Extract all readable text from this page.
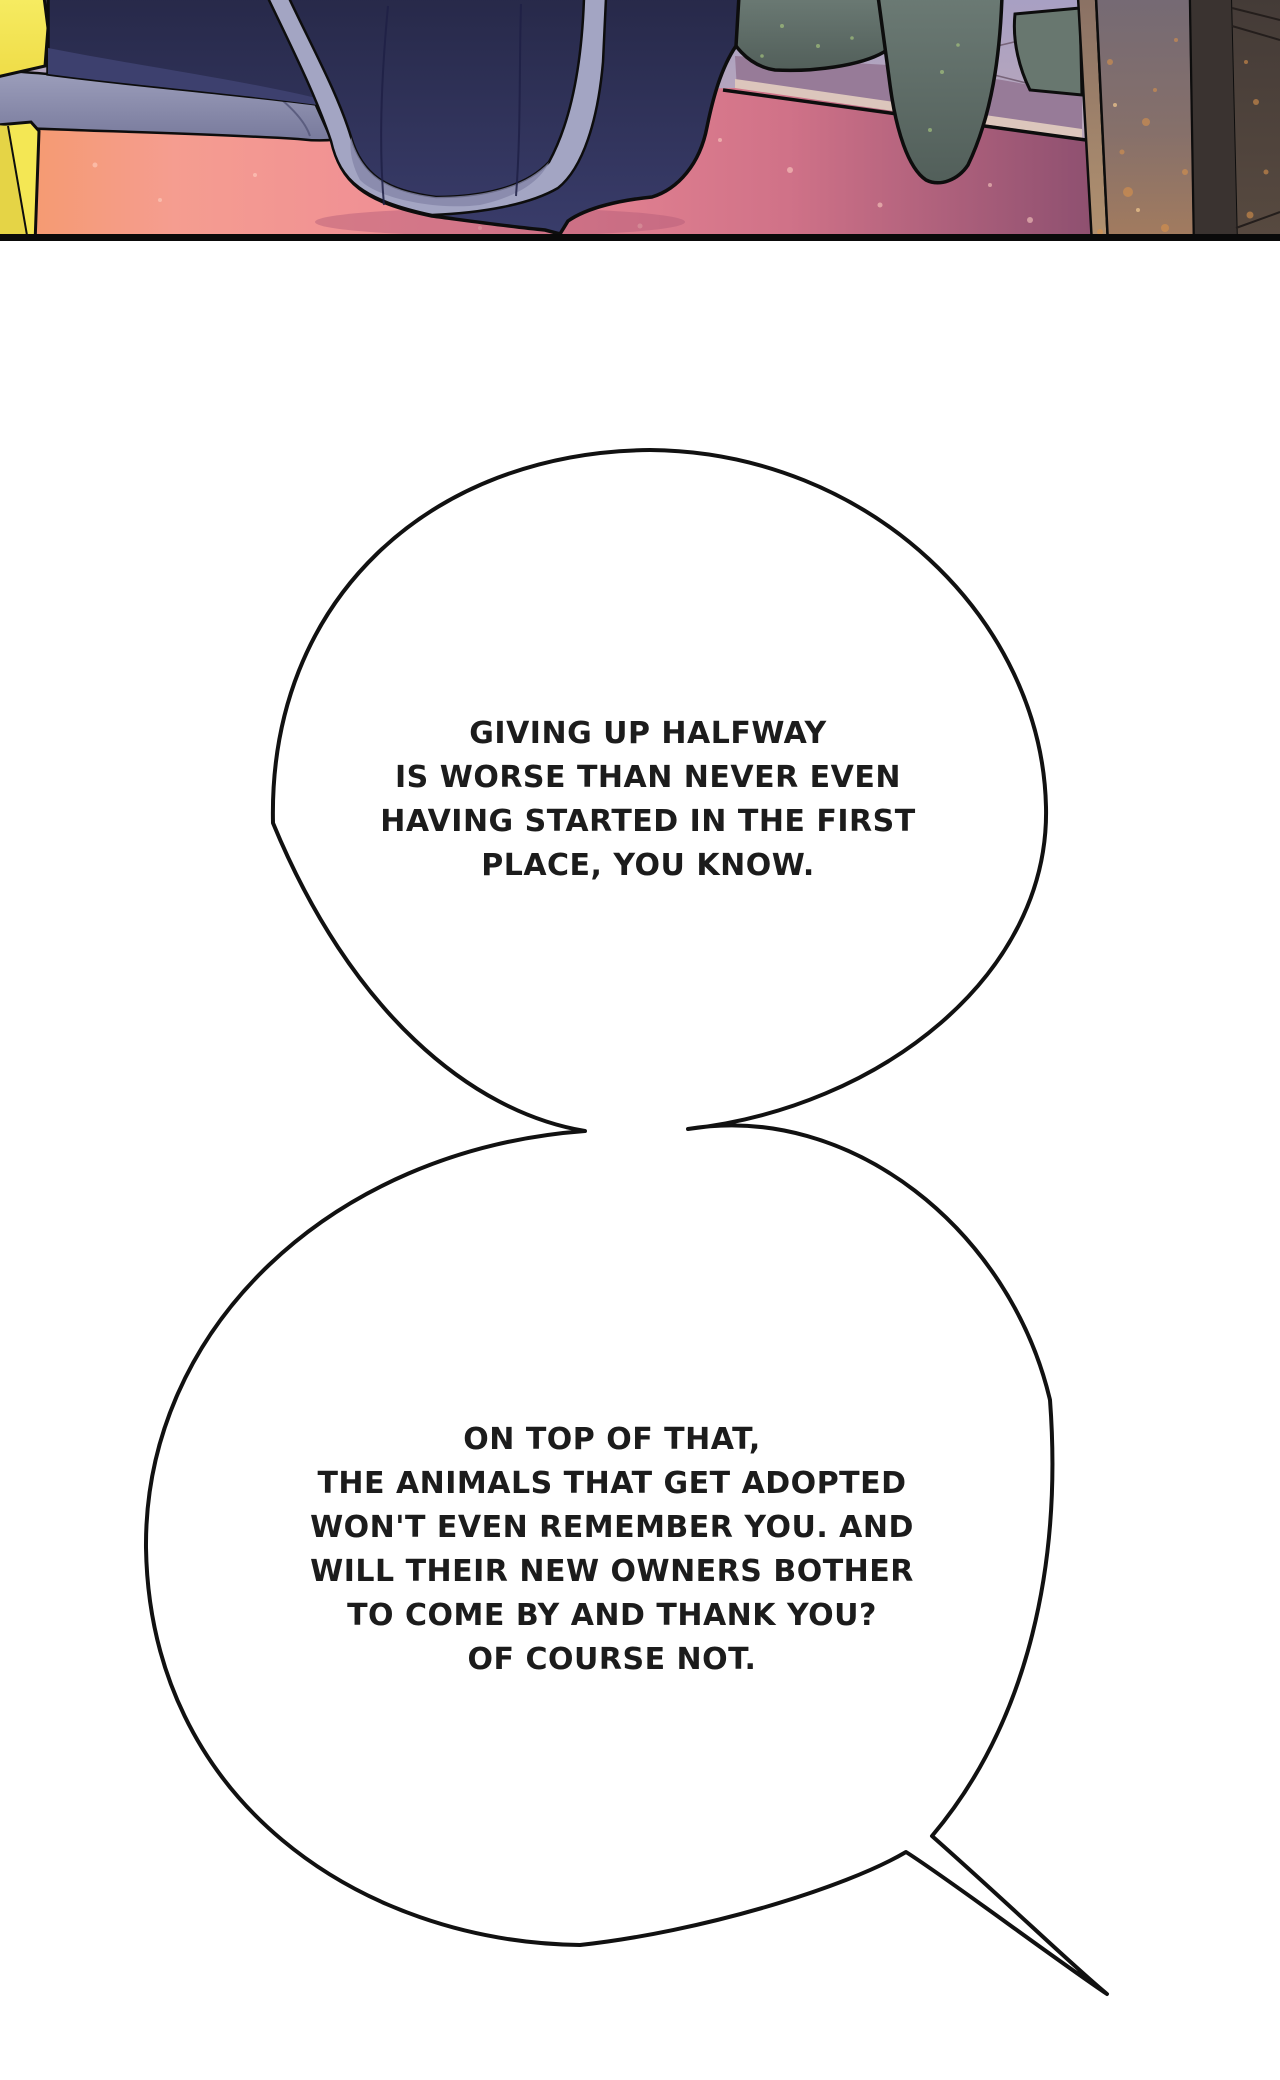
GIVING UP HALFWAY
IS WORSE THAN NEVER EVEN
HAVING STARTED IN THE FIRST
PLACE, YOU KNOW.
ON TOP OF THAT,
THE ANIMALS THAT GET ADOPTED
WON'T EVEN REMEMBER YOU. AND
WILL THEIR NEW OWNERS BOTHER
TO COME BY AND THANK YOU?
OF COURSE NOT.
